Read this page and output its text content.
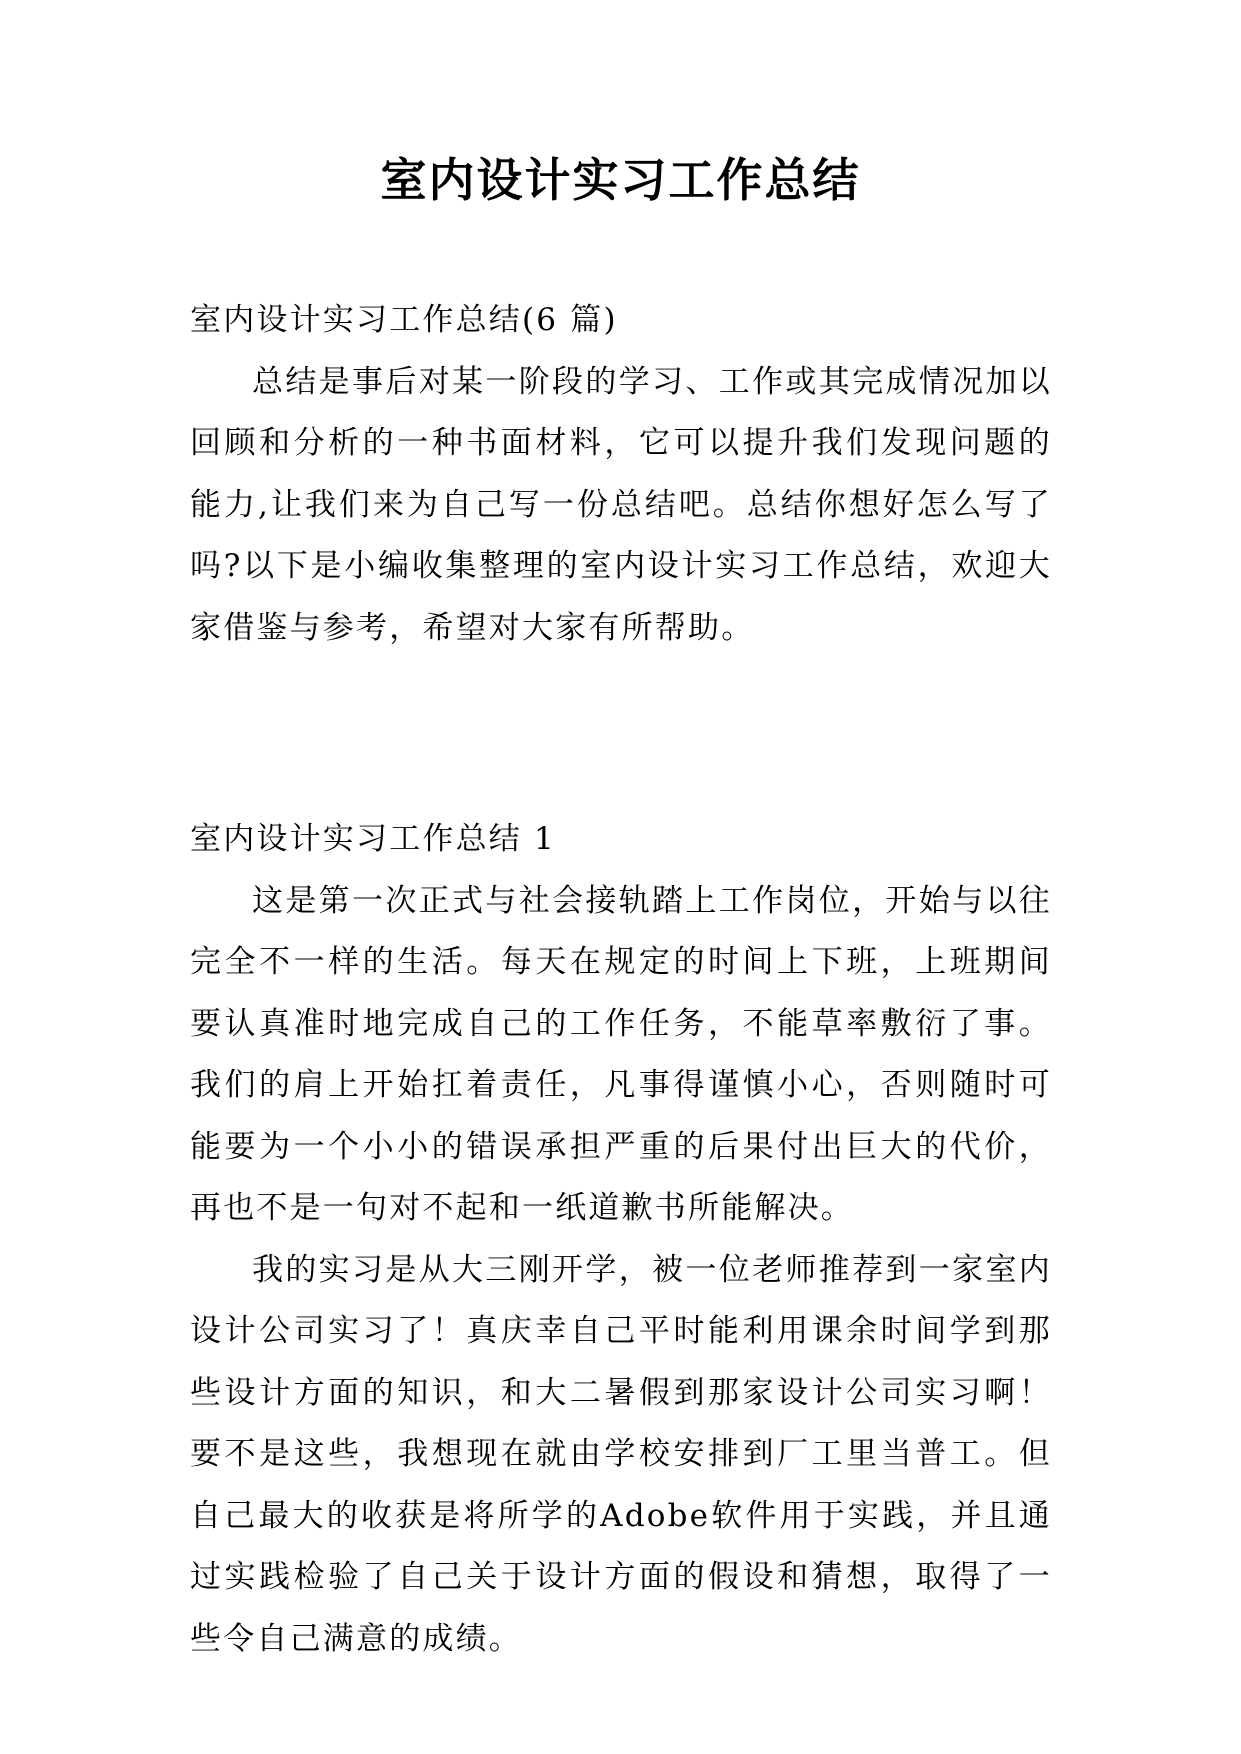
室内设计实习工作总结

室内设计实习工作总结(6 篇)

总结是事后对某一阶段的学习、工作或其完成情况加以回顾和分析的一种书面材料，它可以提升我们发现问题的能力,让我们来为自己写一份总结吧。总结你想好怎么写了吗?以下是小编收集整理的室内设计实习工作总结，欢迎大家借鉴与参考，希望对大家有所帮助。

室内设计实习工作总结 1

这是第一次正式与社会接轨踏上工作岗位，开始与以往完全不一样的生活。每天在规定的时间上下班，上班期间要认真准时地完成自己的工作任务，不能草率敷衍了事。我们的肩上开始扛着责任，凡事得谨慎小心，否则随时可能要为一个小小的错误承担严重的后果付出巨大的代价，再也不是一句对不起和一纸道歉书所能解决。

我的实习是从大三刚开学，被一位老师推荐到一家室内设计公司实习了！真庆幸自己平时能利用课余时间学到那些设计方面的知识，和大二暑假到那家设计公司实习啊！要不是这些，我想现在就由学校安排到厂工里当普工。但自己最大的收获是将所学的Adobe软件用于实践，并且通过实践检验了自己关于设计方面的假设和猜想，取得了一些令自己满意的成绩。
